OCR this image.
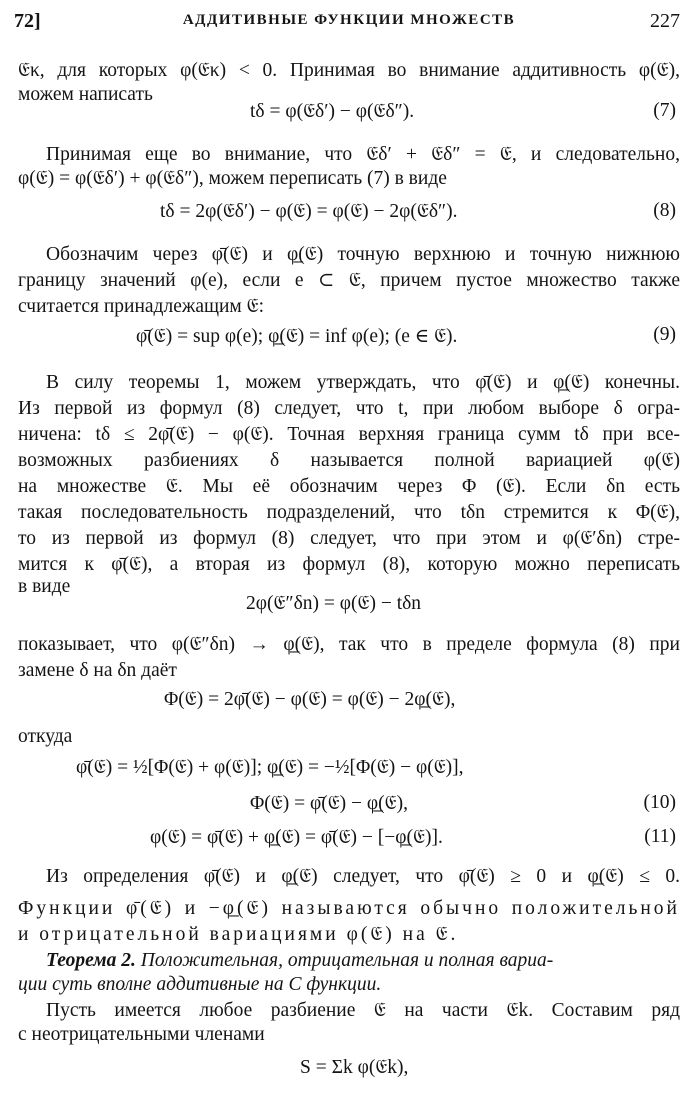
72]	АДДИТИВНЫЕ ФУНКЦИИ МНОЖЕСТВ	227
𝔈κ, для которых φ(𝔈κ) < 0. Принимая во внимание аддитивность φ(𝔈),
можем написать
tδ = φ(𝔈δ′) − φ(𝔈δ″).	(7)
Принимая еще во внимание, что 𝔈δ′ + 𝔈δ″ = 𝔈, и следовательно,
φ(𝔈) = φ(𝔈δ′) + φ(𝔈δ″), можем переписать (7) в виде
tδ = 2φ(𝔈δ′) − φ(𝔈) = φ(𝔈) − 2φ(𝔈δ″).	(8)
Обозначим через φ̄(𝔈) и φ̲(𝔈) точную верхнюю и точную нижнюю
границу значений φ(e), если e ⊂ 𝔈, причем пустое множество также
считается принадлежащим 𝔈:
φ̄(𝔈) = sup φ(e); φ̲(𝔈) = inf φ(e); (e ∈ 𝔈).	(9)
В силу теоремы 1, можем утверждать, что φ̄(𝔈) и φ̲(𝔈) конечны.
Из первой из формул (8) следует, что t, при любом выборе δ огра-
ничена: tδ ≤ 2φ̄(𝔈) − φ(𝔈). Точная верхняя граница сумм tδ при все-
возможных разбиениях δ называется полной вариацией φ(𝔈)
на множестве 𝔈. Мы её обозначим через Φ (𝔈). Если δn есть
такая последовательность подразделений, что tδn стремится к Φ(𝔈),
то из первой из формул (8) следует, что при этом и φ(𝔈′δn) стре-
мится к φ̄(𝔈), а вторая из формул (8), которую можно переписать
в виде
2φ(𝔈″δn) = φ(𝔈) − tδn
показывает, что φ(𝔈″δn) → φ̲(𝔈), так что в пределе формула (8) при
замене δ на δn даёт
Φ(𝔈) = 2φ̄(𝔈) − φ(𝔈) = φ(𝔈) − 2φ̲(𝔈),
откуда
φ̄(𝔈) = ½[Φ(𝔈) + φ(𝔈)]; φ̲(𝔈) = −½[Φ(𝔈) − φ(𝔈)],
Φ(𝔈) = φ̄(𝔈) − φ̲(𝔈),	(10)
φ(𝔈) = φ̄(𝔈) + φ̲(𝔈) = φ̄(𝔈) − [−φ̲(𝔈)].	(11)
Из определения φ̄(𝔈) и φ̲(𝔈) следует, что φ̄(𝔈) ≥ 0 и φ̲(𝔈) ≤ 0.
Функции φ̄(𝔈) и −φ̲(𝔈) называются обычно положительной
и отрицательной вариациями φ(𝔈) на 𝔈.
Теорема 2. Положительная, отрицательная и полная вариа-
ции суть вполне аддитивные на C функции.
Пусть имеется любое разбиение 𝔈 на части 𝔈k. Составим ряд
с неотрицательными членами
S = Σk φ(𝔈k),
